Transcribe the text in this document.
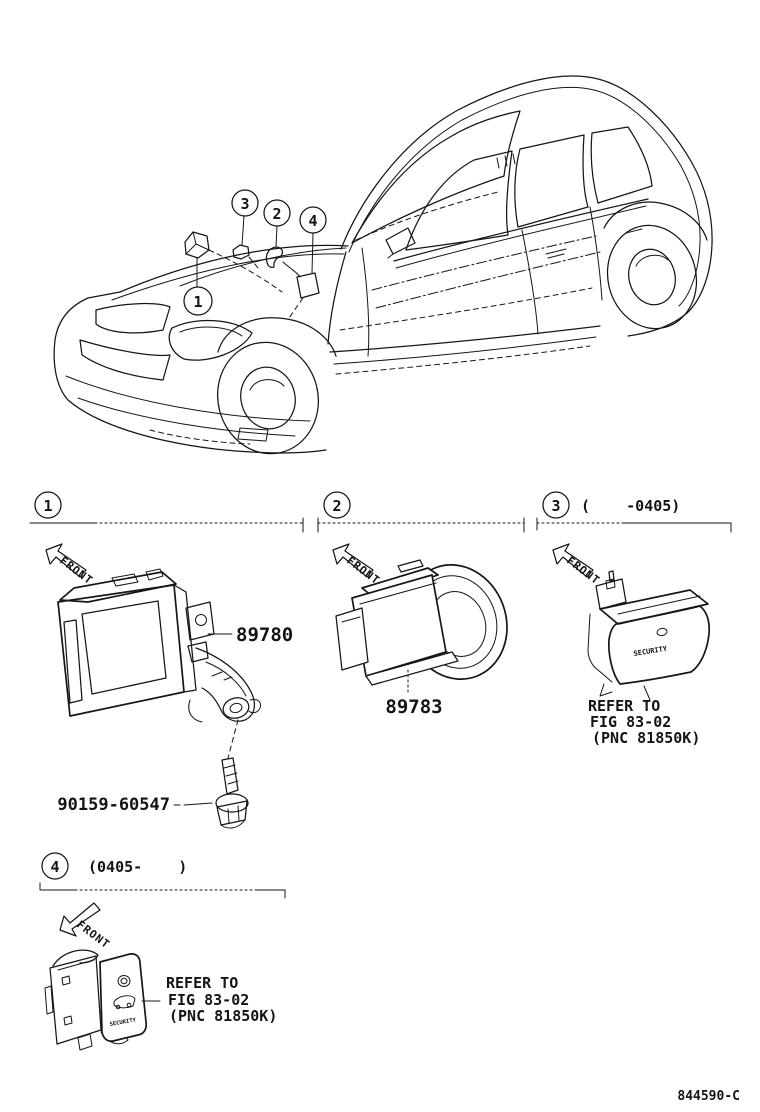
1
3
2 4
1
FRONT
89780
90159-60547
2
FRONT
89783
3 (    -0405)
FRONT
SECURITY
REFER TO
FIG 83-02
(PNC 81850K)
4 (0405-    )
FRONT
SECURITY
REFER TO
FIG 83-02
(PNC 81850K)
844590-C
